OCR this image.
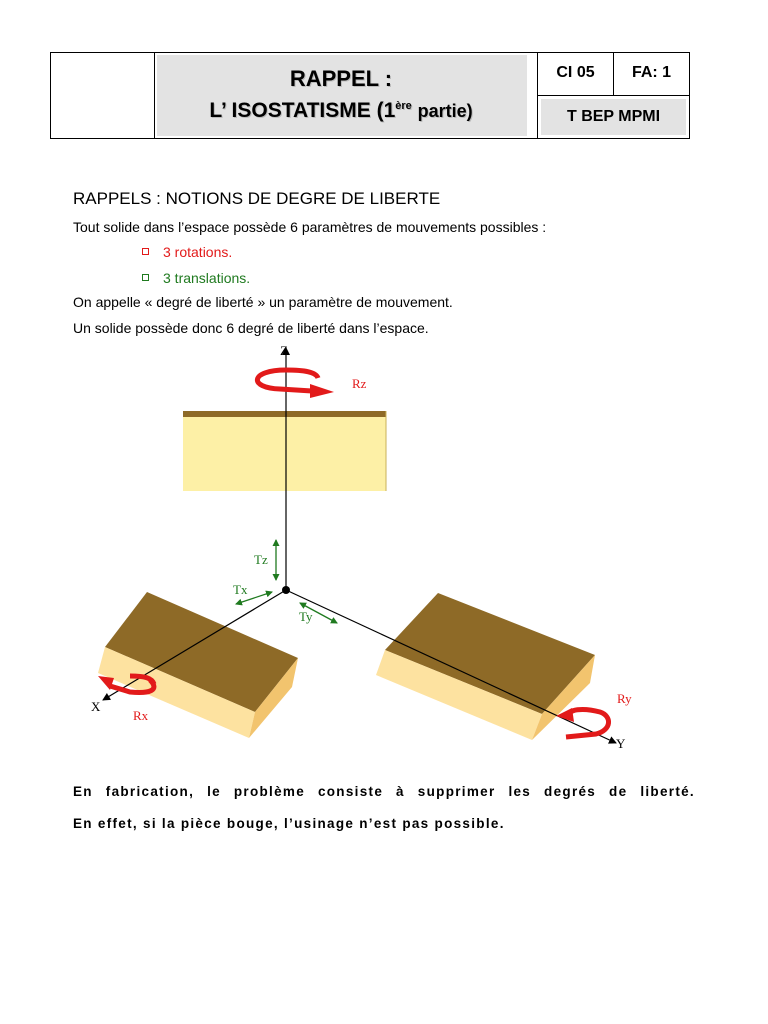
RAPPEL :
L’ ISOSTATISME (1ère partie)
CI 05	FA: 1
T BEP MPMI
RAPPELS : NOTIONS DE DEGRE DE LIBERTE
Tout solide dans l’espace possède 6 paramètres de mouvements possibles :
3 rotations.
3 translations.
On appelle « degré de liberté » un paramètre de mouvement.
Un solide possède donc 6 degré de liberté dans l’espace.
Z
X
Y
Rz
Rx
Ry
Tz
Tx
Ty
En fabrication, le problème consiste à supprimer les degrés de liberté.
En effet, si la pièce bouge, l’usinage n’est pas possible.
